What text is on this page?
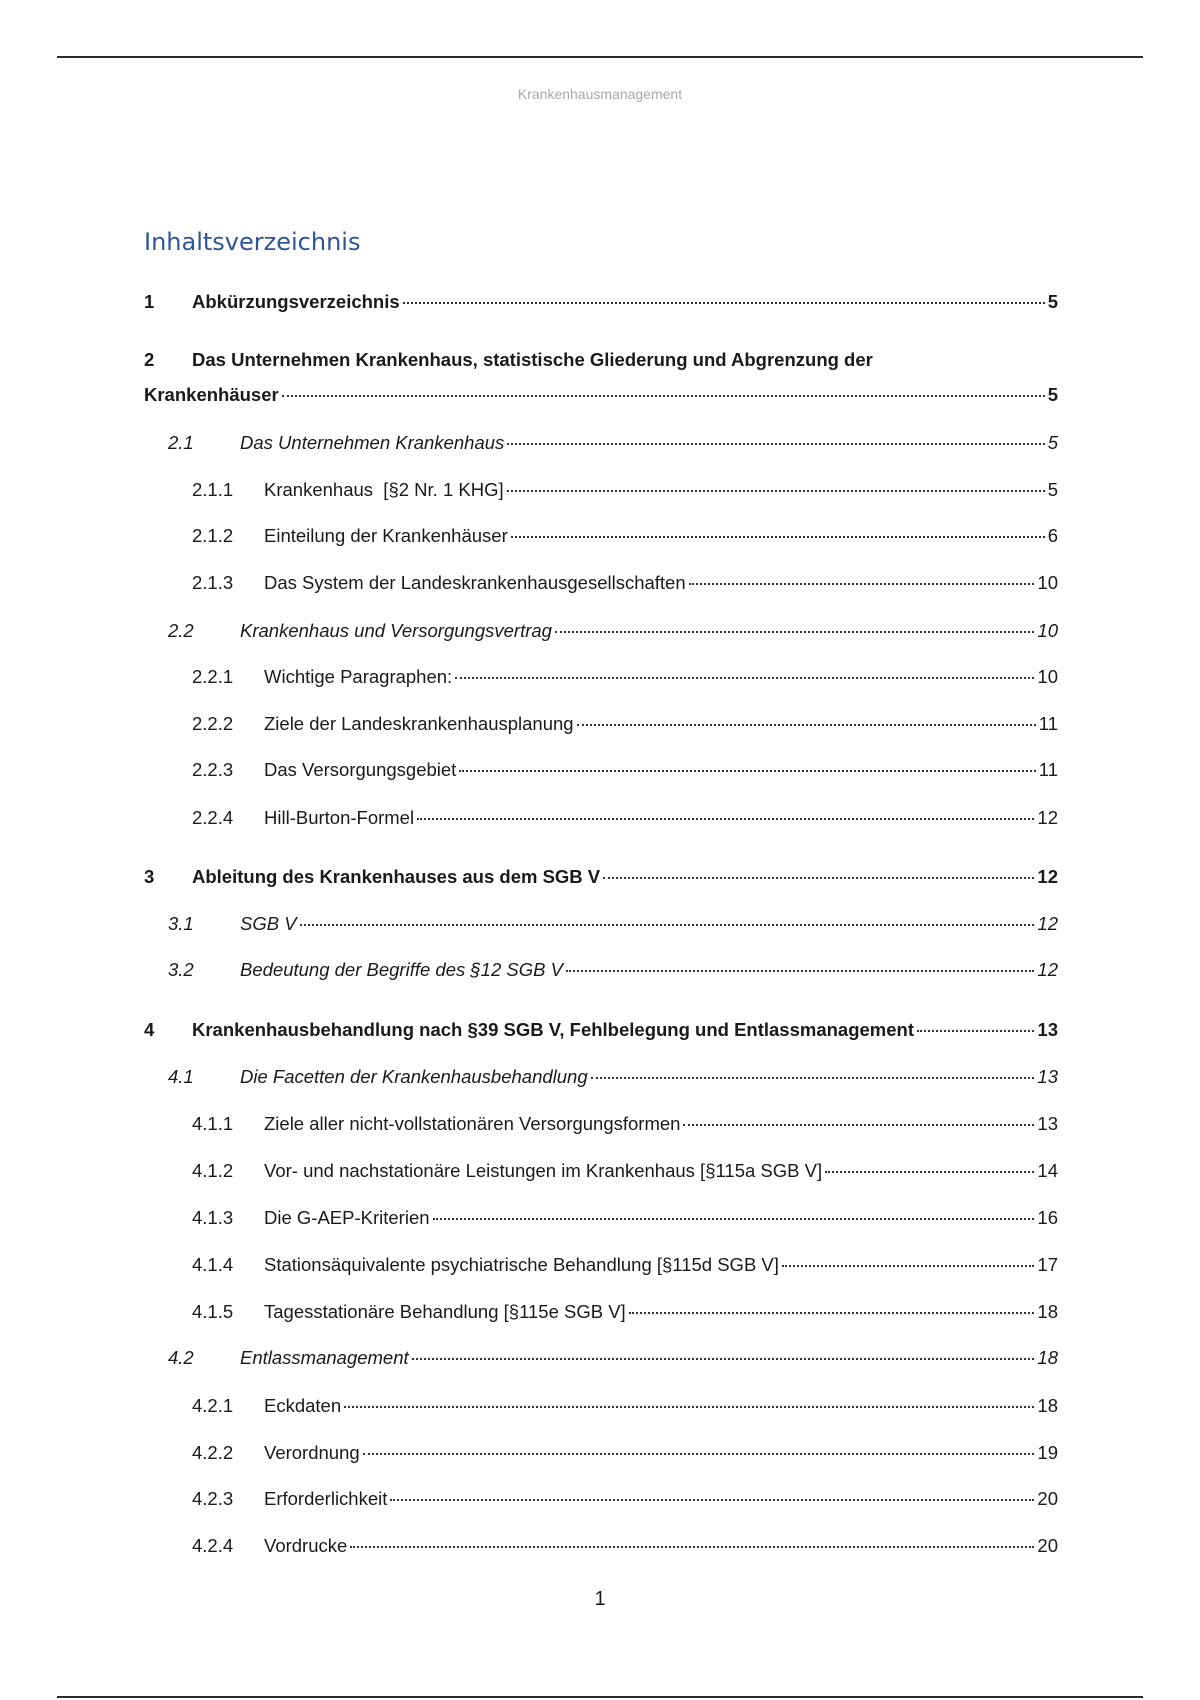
Krankenhausmanagement
Inhaltsverzeichnis
1	Abkürzungsverzeichnis	5
2	Das Unternehmen Krankenhaus, statistische Gliederung und Abgrenzung der
Krankenhäuser	5
2.1	Das Unternehmen Krankenhaus	5
2.1.1	Krankenhaus  [§2 Nr. 1 KHG]	5
2.1.2	Einteilung der Krankenhäuser	6
2.1.3	Das System der Landeskrankenhausgesellschaften	10
2.2	Krankenhaus und Versorgungsvertrag	10
2.2.1	Wichtige Paragraphen:	10
2.2.2	Ziele der Landeskrankenhausplanung	11
2.2.3	Das Versorgungsgebiet	11
2.2.4	Hill-Burton-Formel	12
3	Ableitung des Krankenhauses aus dem SGB V	12
3.1	SGB V	12
3.2	Bedeutung der Begriffe des §12 SGB V	12
4	Krankenhausbehandlung nach §39 SGB V, Fehlbelegung und Entlassmanagement	13
4.1	Die Facetten der Krankenhausbehandlung	13
4.1.1	Ziele aller nicht-vollstationären Versorgungsformen	13
4.1.2	Vor- und nachstationäre Leistungen im Krankenhaus [§115a SGB V]	14
4.1.3	Die G-AEP-Kriterien	16
4.1.4	Stationsäquivalente psychiatrische Behandlung [§115d SGB V]	17
4.1.5	Tagesstationäre Behandlung [§115e SGB V]	18
4.2	Entlassmanagement	18
4.2.1	Eckdaten	18
4.2.2	Verordnung	19
4.2.3	Erforderlichkeit	20
4.2.4	Vordrucke	20
1
